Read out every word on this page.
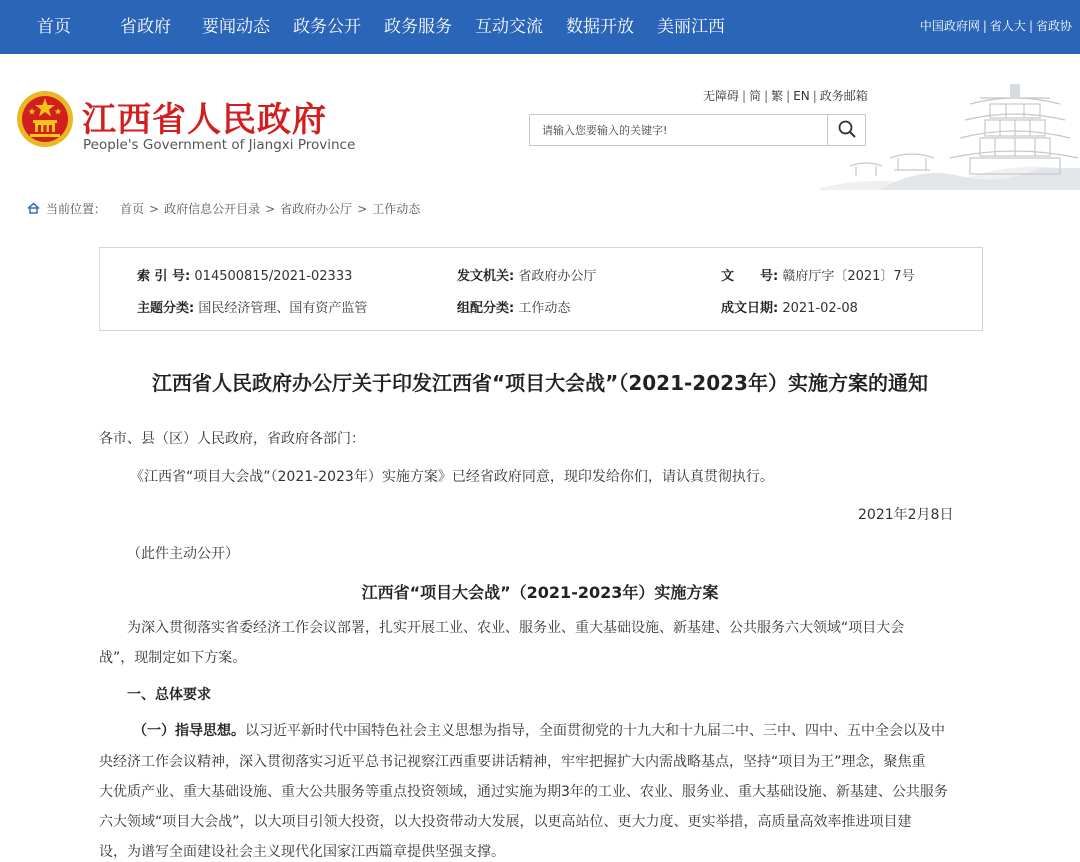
首页	省政府 要闻动态 政务公开 政务服务 互动交流 数据开放 美丽江西	中国政府网 | 省人大 | 省政协
江西省人民政府
People's Government of Jiangxi Province
无障碍 | 简 | 繁 | EN | 政务邮箱
请输入您要输入的关键字!
当前位置： 首页 > 政府信息公开目录 > 省政府办公厅 > 工作动态
索 引 号: 014500815/2021-02333	发文机关: 省政府办公厅	文　　号: 赣府厅字〔2021〕7号
主题分类: 国民经济管理、国有资产监管	组配分类: 工作动态	成文日期: 2021-02-08
江西省人民政府办公厅关于印发江西省“项目大会战”（2021-2023年）实施方案的通知
各市、县（区）人民政府，省政府各部门：
《江西省“项目大会战”（2021-2023年）实施方案》已经省政府同意，现印发给你们，请认真贯彻执行。
2021年2月8日
（此件主动公开）
江西省“项目大会战”（2021-2023年）实施方案
　　为深入贯彻落实省委经济工作会议部署，扎实开展工业、农业、服务业、重大基础设施、新基建、公共服务六大领域“项目大会
战”，现制定如下方案。
一、总体要求
（一）指导思想。以习近平新时代中国特色社会主义思想为指导，全面贯彻党的十九大和十九届二中、三中、四中、五中全会以及中
央经济工作会议精神，深入贯彻落实习近平总书记视察江西重要讲话精神，牢牢把握扩大内需战略基点，坚持“项目为王”理念，聚焦重
大优质产业、重大基础设施、重大公共服务等重点投资领域，通过实施为期3年的工业、农业、服务业、重大基础设施、新基建、公共服务
六大领域“项目大会战”，以大项目引领大投资，以大投资带动大发展，以更高站位、更大力度、更实举措，高质量高效率推进项目建
设，为谱写全面建设社会主义现代化国家江西篇章提供坚强支撑。
